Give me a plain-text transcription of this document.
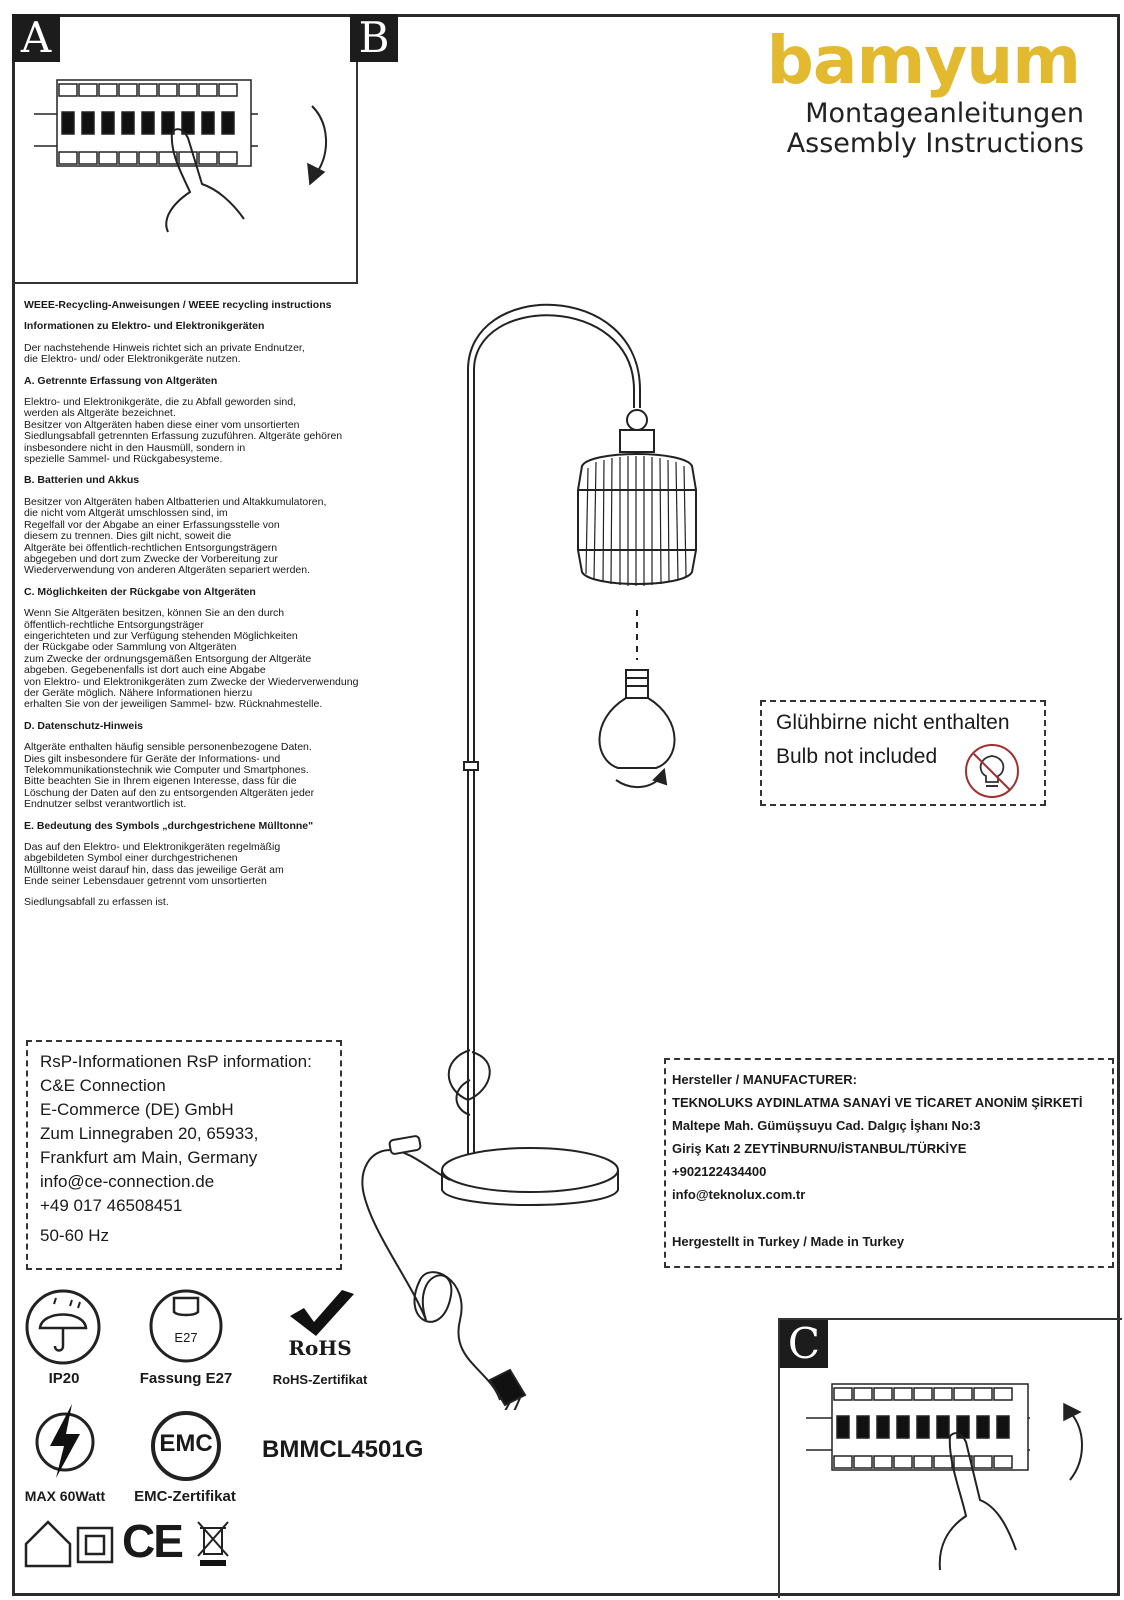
A	B	bamyum
Montageanleitungen
Assembly Instructions
WEEE-Recycling-Anweisungen / WEEE recycling instructions
Informationen zu Elektro- und Elektronikgeräten

Der nachstehende Hinweis richtet sich an private Endnutzer,
die Elektro- und/ oder Elektronikgeräte nutzen.

A. Getrennte Erfassung von Altgeräten

Elektro- und Elektronikgeräte, die zu Abfall geworden sind,
werden als Altgeräte bezeichnet.
Besitzer von Altgeräten haben diese einer vom unsortierten
Siedlungsabfall getrennten Erfassung zuzuführen. Altgeräte gehören
insbesondere nicht in den Hausmüll, sondern in
spezielle Sammel- und Rückgabesysteme.

B. Batterien und Akkus

Besitzer von Altgeräten haben Altbatterien und Altakkumulatoren,
die nicht vom Altgerät umschlossen sind, im
Regelfall vor der Abgabe an einer Erfassungsstelle von
diesem zu trennen. Dies gilt nicht, soweit die
Altgeräte bei öffentlich-rechtlichen Entsorgungsträgern
abgegeben und dort zum Zwecke der Vorbereitung zur
Wiederverwendung von anderen Altgeräten separiert werden.

C. Möglichkeiten der Rückgabe von Altgeräten

Wenn Sie Altgeräten besitzen, können Sie an den durch
öffentlich-rechtliche Entsorgungsträger
eingerichteten und zur Verfügung stehenden Möglichkeiten
der Rückgabe oder Sammlung von Altgeräten
zum Zwecke der ordnungsgemäßen Entsorgung der Altgeräte
abgeben. Gegebenenfalls ist dort auch eine Abgabe
von Elektro- und Elektronikgeräten zum Zwecke der Wiederverwendung
der Geräte möglich. Nähere Informationen hierzu
erhalten Sie von der jeweiligen Sammel- bzw. Rücknahmestelle.

D. Datenschutz-Hinweis

Altgeräte enthalten häufig sensible personenbezogene Daten.
Dies gilt insbesondere für Geräte der Informations- und
Telekommunikationstechnik wie Computer und Smartphones.
Bitte beachten Sie in Ihrem eigenen Interesse, dass für die
Löschung der Daten auf den zu entsorgenden Altgeräten jeder
Endnutzer selbst verantwortlich ist.

E. Bedeutung des Symbols „durchgestrichene Mülltonne"

Das auf den Elektro- und Elektronikgeräten regelmäßig
abgebildeten Symbol einer durchgestrichenen
Mülltonne weist darauf hin, dass das jeweilige Gerät am
Ende seiner Lebensdauer getrennt vom unsortierten

Siedlungsabfall zu erfassen ist.

Glühbirne nicht enthalten
Bulb not included
RsP-Informationen RsP information:
C&E Connection
E-Commerce (DE) GmbH
Zum Linnegraben 20, 65933,
Frankfurt am Main, Germany
info@ce-connection.de
+49 017 46508451
50-60 Hz
Hersteller / MANUFACTURER:
TEKNOLUKS AYDINLATMA SANAYİ VE TİCARET ANONİM ŞİRKETİ
Maltepe Mah. Gümüşsuyu Cad. Dalgıç İşhanı No:3
Giriş Katı 2 ZEYTİNBURNU/İSTANBUL/TÜRKİYE
+902122434400
info@teknolux.com.tr
Hergestellt in Turkey / Made in Turkey
IP20
E27
Fassung E27
RoHS
RoHS-Zertifikat
MAX 60Watt
EMC
EMC-Zertifikat
BMMCL4501G
CE
C
